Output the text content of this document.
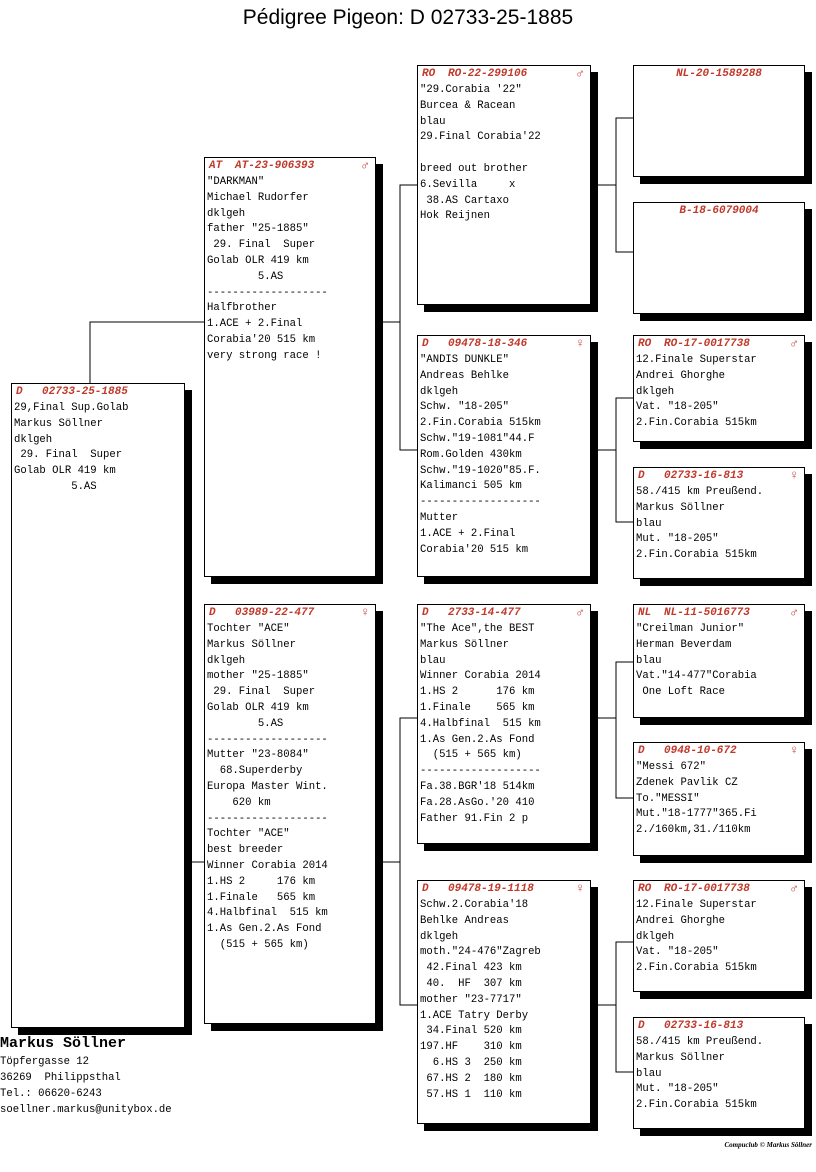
Pédigree Pigeon: D 02733-25-1885
D 02733-25-1885
29,Final Sup.Golab
Markus Söllner
dklgeh
29. Final  Super
Golab OLR 419 km
5.AS
AT AT-23-906393	♂
"DARKMAN"
Michael Rudorfer
dklgeh
father "25-1885"
29. Final  Super
Golab OLR 419 km
5.AS
-------------------
Halfbrother
1.ACE + 2.Final
Corabia'20 515 km
very strong race !
D 03989-22-477	♀
Tochter "ACE"
Markus Söllner
dklgeh
mother "25-1885"
29. Final  Super
Golab OLR 419 km
5.AS
-------------------
Mutter "23-8084"
68.Superderby
Europa Master Wint.
620 km
-------------------
Tochter "ACE"
best breeder
Winner Corabia 2014
1.HS 2     176 km
1.Finale   565 km
4.Halbfinal  515 km
1.As Gen.2.As Fond
(515 + 565 km)
RO RO-22-299106	♂
"29.Corabia '22"
Burcea & Racean
blau
29.Final Corabia'22

breed out brother
6.Sevilla     x
38.AS Cartaxo
Hok Reijnen
D 09478-18-346	♀
"ANDIS DUNKLE"
Andreas Behlke
dklgeh
Schw. "18-205"
2.Fin.Corabia 515km
Schw."19-1081"44.F
Rom.Golden 430km
Schw."19-1020"85.F.
Kalimanci 505 km
-------------------
Mutter
1.ACE + 2.Final
Corabia'20 515 km
D 2733-14-477	♂
"The Ace",the BEST
Markus Söllner
blau
Winner Corabia 2014
1.HS 2      176 km
1.Finale    565 km
4.Halbfinal  515 km
1.As Gen.2.As Fond
(515 + 565 km)
-------------------
Fa.38.BGR'18 514km
Fa.28.AsGo.'20 410
Father 91.Fin 2 p
D 09478-19-1118	♀
Schw.2.Corabia'18
Behlke Andreas
dklgeh
moth."24-476"Zagreb
42.Final 423 km
40.  HF  307 km
mother "23-7717"
1.ACE Tatry Derby
34.Final 520 km
197.HF    310 km
6.HS 3  250 km
67.HS 2  180 km
57.HS 1  110 km
NL-20-1589288
B-18-6079004
RO RO-17-0017738	♂
12.Finale Superstar
Andrei Ghorghe
dklgeh
Vat. "18-205"
2.Fin.Corabia 515km
D 02733-16-813	♀
58./415 km Preußend.
Markus Söllner
blau
Mut. "18-205"
2.Fin.Corabia 515km
NL NL-11-5016773	♂
"Creilman Junior"
Herman Beverdam
blau
Vat."14-477"Corabia
One Loft Race
D 0948-10-672	♀
"Messi 672"
Zdenek Pavlik CZ
To."MESSI"
Mut."18-1777"365.Fi
2./160km,31./110km
RO RO-17-0017738	♂
12.Finale Superstar
Andrei Ghorghe
dklgeh
Vat. "18-205"
2.Fin.Corabia 515km
D 02733-16-813
58./415 km Preußend.
Markus Söllner
blau
Mut. "18-205"
2.Fin.Corabia 515km
Markus Söllner
Töpfergasse 12
36269  Philippsthal
Tel.: 06620-6243
soellner.markus@unitybox.de
Compuclub © Markus Söllner
